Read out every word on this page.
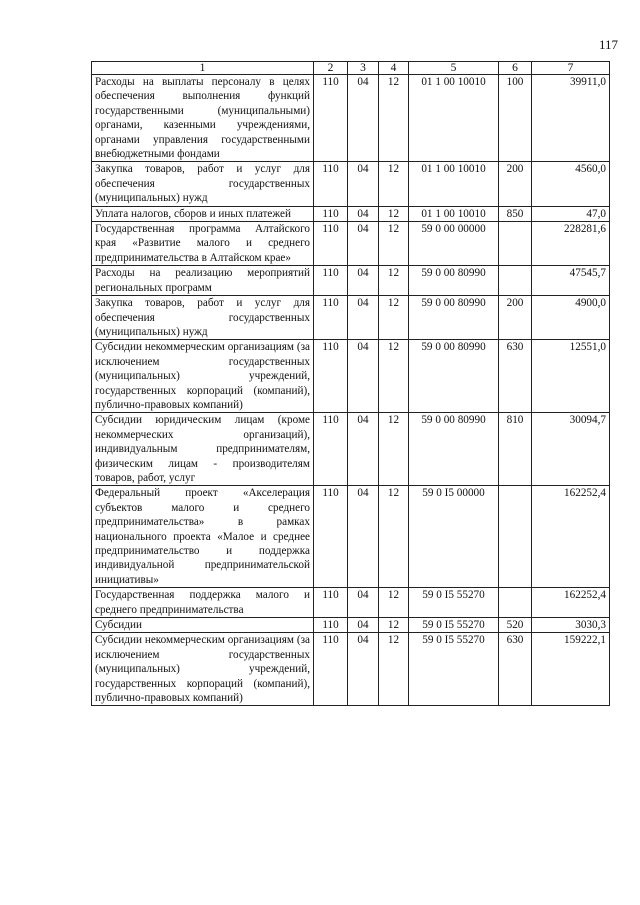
117
1	2	3	4	5	6	7
Расходы на выплаты персоналу в целях обеспечения выполнения функций государственными (муниципальными) органами, казенными учреждениями, органами управления государственными внебюджетными фондами	110	04	12	01 1 00 10010	100	39911,0
Закупка товаров, работ и услуг для обеспечения государственных (муниципальных) нужд	110	04	12	01 1 00 10010	200	4560,0
Уплата налогов, сборов и иных платежей	110	04	12	01 1 00 10010	850	47,0
Государственная программа Алтайского края «Развитие малого и среднего предпринимательства в Алтайском крае»	110	04	12	59 0 00 00000		228281,6
Расходы на реализацию мероприятий региональных программ	110	04	12	59 0 00 80990		47545,7
Закупка товаров, работ и услуг для обеспечения государственных (муниципальных) нужд	110	04	12	59 0 00 80990	200	4900,0
Субсидии некоммерческим организациям (за исключением государственных (муниципальных) учреждений, государственных корпораций (компаний), публично-правовых компаний)	110	04	12	59 0 00 80990	630	12551,0
Субсидии юридическим лицам (кроме некоммерческих организаций), индивидуальным предпринимателям, физическим лицам - производителям товаров, работ, услуг	110	04	12	59 0 00 80990	810	30094,7
Федеральный проект «Акселерация субъектов малого и среднего предпринимательства» в рамках национального проекта «Малое и среднее предпринимательство и поддержка индивидуальной предпринимательской инициативы»	110	04	12	59 0 I5 00000		162252,4
Государственная поддержка малого и среднего предпринимательства	110	04	12	59 0 I5 55270		162252,4
Субсидии	110	04	12	59 0 I5 55270	520	3030,3
Субсидии некоммерческим организациям (за исключением государственных (муниципальных) учреждений, государственных корпораций (компаний), публично-правовых компаний)	110	04	12	59 0 I5 55270	630	159222,1
